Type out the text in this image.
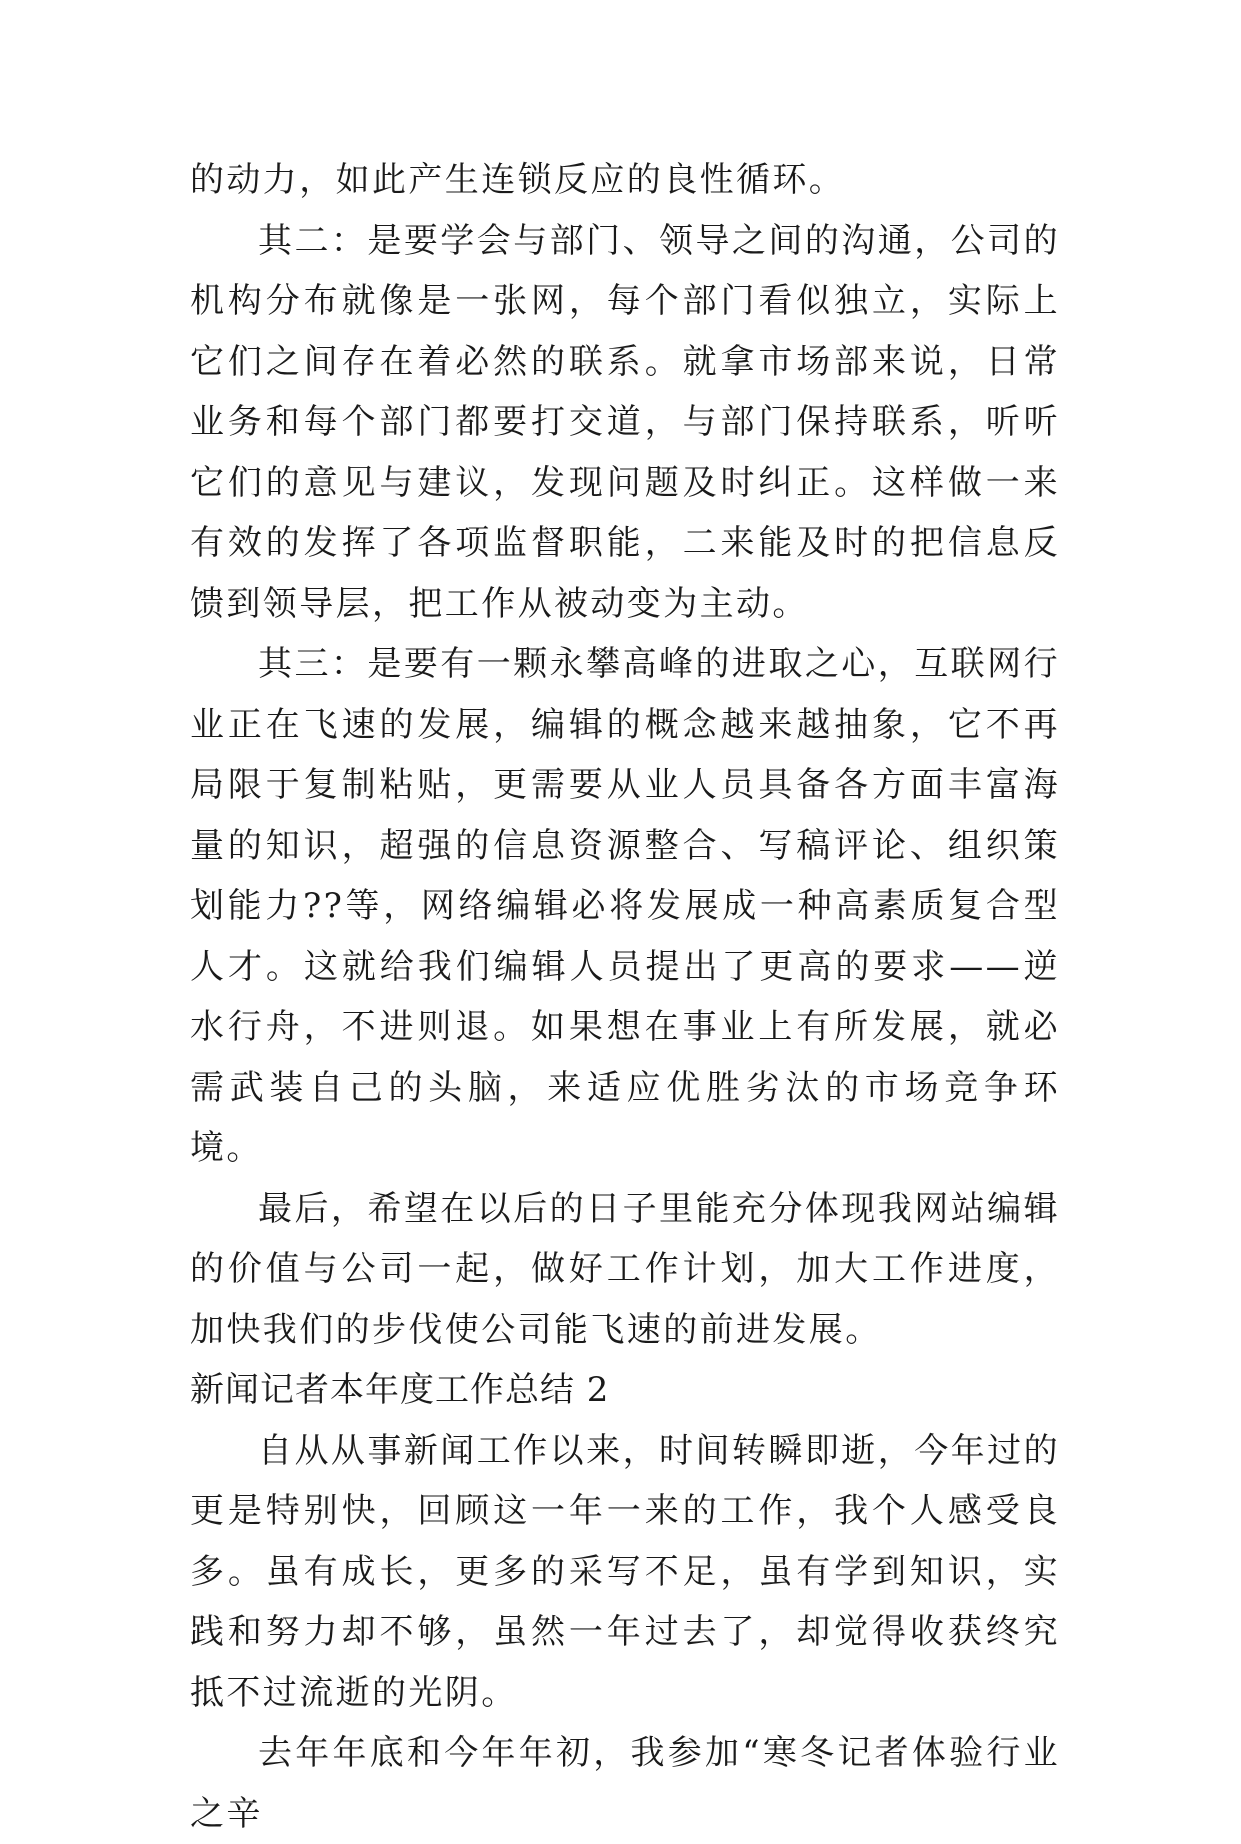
的动力，如此产生连锁反应的良性循环。

其二：是要学会与部门、领导之间的沟通，公司的机构分布就像是一张网，每个部门看似独立，实际上它们之间存在着必然的联系。就拿市场部来说，日常业务和每个部门都要打交道，与部门保持联系，听听它们的意见与建议，发现问题及时纠正。这样做一来有效的发挥了各项监督职能，二来能及时的把信息反馈到领导层，把工作从被动变为主动。

其三：是要有一颗永攀高峰的进取之心，互联网行业正在飞速的发展，编辑的概念越来越抽象，它不再局限于复制粘贴，更需要从业人员具备各方面丰富海量的知识，超强的信息资源整合、写稿评论、组织策划能力??等，网络编辑必将发展成一种高素质复合型人才。这就给我们编辑人员提出了更高的要求——逆水行舟，不进则退。如果想在事业上有所发展，就必需武装自己的头脑，来适应优胜劣汰的市场竞争环境。

最后，希望在以后的日子里能充分体现我网站编辑的价值与公司一起，做好工作计划，加大工作进度，加快我们的步伐使公司能飞速的前进发展。

新闻记者本年度工作总结 2

自从从事新闻工作以来，时间转瞬即逝，今年过的更是特别快，回顾这一年一来的工作，我个人感受良多。虽有成长，更多的采写不足，虽有学到知识，实践和努力却不够，虽然一年过去了，却觉得收获终究抵不过流逝的光阴。

去年年底和今年年初，我参加“寒冬记者体验行业之辛
